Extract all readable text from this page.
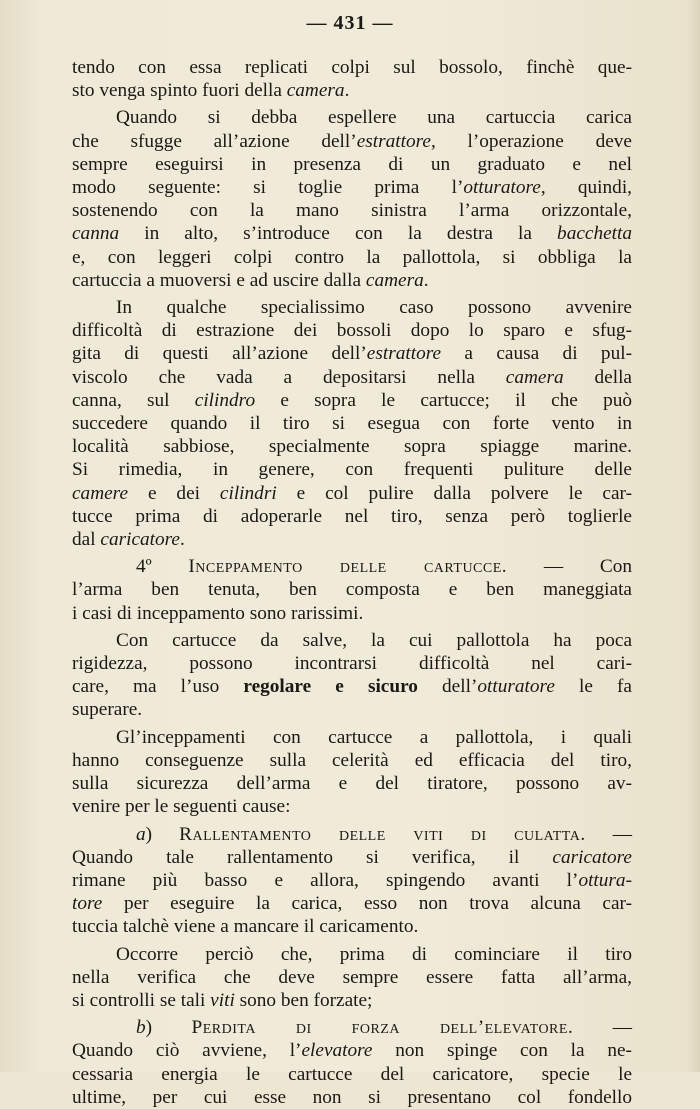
— 431 —
tendo con essa replicati colpi sul bossolo, finchè que-
sto venga spinto fuori della camera.
Quando si debba espellere una cartuccia carica
che sfugge all’azione dell’estrattore, l’operazione deve
sempre eseguirsi in presenza di un graduato e nel
modo seguente: si toglie prima l’otturatore, quindi,
sostenendo con la mano sinistra l’arma orizzontale,
canna in alto, s’introduce con la destra la bacchetta
e, con leggeri colpi contro la pallottola, si obbliga la
cartuccia a muoversi e ad uscire dalla camera.
In qualche specialissimo caso possono avvenire
difficoltà di estrazione dei bossoli dopo lo sparo e sfug-
gita di questi all’azione dell’estrattore a causa di pul-
viscolo che vada a depositarsi nella camera della
canna, sul cilindro e sopra le cartucce; il che può
succedere quando il tiro si esegua con forte vento in
località sabbiose, specialmente sopra spiagge marine.
Si rimedia, in genere, con frequenti puliture delle
camere e dei cilindri e col pulire dalla polvere le car-
tucce prima di adoperarle nel tiro, senza però toglierle
dal caricatore.
4º Inceppamento delle cartucce. — Con
l’arma ben tenuta, ben composta e ben maneggiata
i casi di inceppamento sono rarissimi.
Con cartucce da salve, la cui pallottola ha poca
rigidezza, possono incontrarsi difficoltà nel cari-
care, ma l’uso regolare e sicuro dell’otturatore le fa
superare.
Gl’inceppamenti con cartucce a pallottola, i quali
hanno conseguenze sulla celerità ed efficacia del tiro,
sulla sicurezza dell’arma e del tiratore, possono av-
venire per le seguenti cause:
a) Rallentamento delle viti di culatta. —
Quando tale rallentamento si verifica, il caricatore
rimane più basso e allora, spingendo avanti l’ottura-
tore per eseguire la carica, esso non trova alcuna car-
tuccia talchè viene a mancare il caricamento.
Occorre perciò che, prima di cominciare il tiro
nella verifica che deve sempre essere fatta all’arma,
si controlli se tali viti sono ben forzate;
b) Perdita di forza dell’elevatore. —
Quando ciò avviene, l’elevatore non spinge con la ne-
cessaria energia le cartucce del caricatore, specie le
ultime, per cui esse non si presentano col fondello
